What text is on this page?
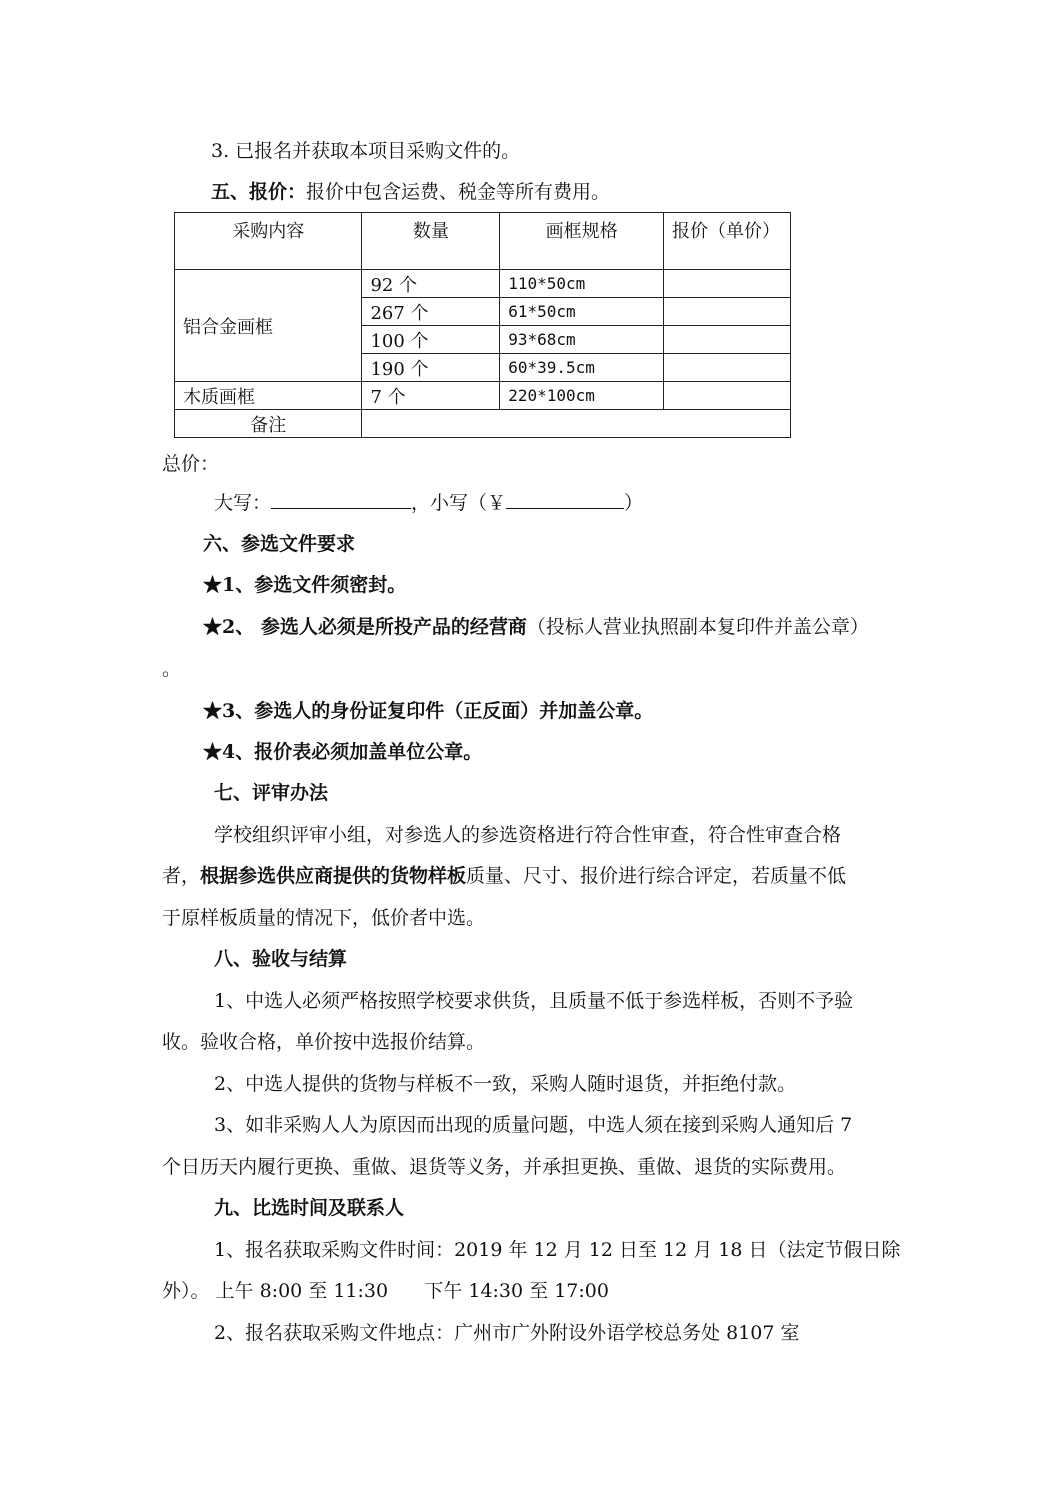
3. 已报名并获取本项目采购文件的。
五、报价：报价中包含运费、税金等所有费用。
采购内容	数量	画框规格	报价（单价）
铝合金画框	92 个	110*50cm	
	267 个	61*50cm	
	100 个	93*68cm	
	190 个	60*39.5cm	
木质画框	7 个	220*100cm	
备注			
总价：
大写：	，小写（￥	）
六、参选文件要求
★1、参选文件须密封。
★2、 参选人必须是所投产品的经营商（投标人营业执照副本复印件并盖公章）
。
★3、参选人的身份证复印件（正反面）并加盖公章。
★4、报价表必须加盖单位公章。
七、评审办法
学校组织评审小组，对参选人的参选资格进行符合性审查，符合性审查合格
者，根据参选供应商提供的货物样板质量、尺寸、报价进行综合评定，若质量不低
于原样板质量的情况下，低价者中选。
八、验收与结算
1、中选人必须严格按照学校要求供货，且质量不低于参选样板，否则不予验
收。验收合格，单价按中选报价结算。
2、中选人提供的货物与样板不一致，采购人随时退货，并拒绝付款。
3、如非采购人人为原因而出现的质量问题，中选人须在接到采购人通知后 7
个日历天内履行更换、重做、退货等义务，并承担更换、重做、退货的实际费用。
九、比选时间及联系人
1、报名获取采购文件时间：2019 年 12 月 12 日至 12 月 18 日（法定节假日除
外）。 上午 8:00 至 11:30      下午 14:30 至 17:00
2、报名获取采购文件地点：广州市广外附设外语学校总务处 8107 室
